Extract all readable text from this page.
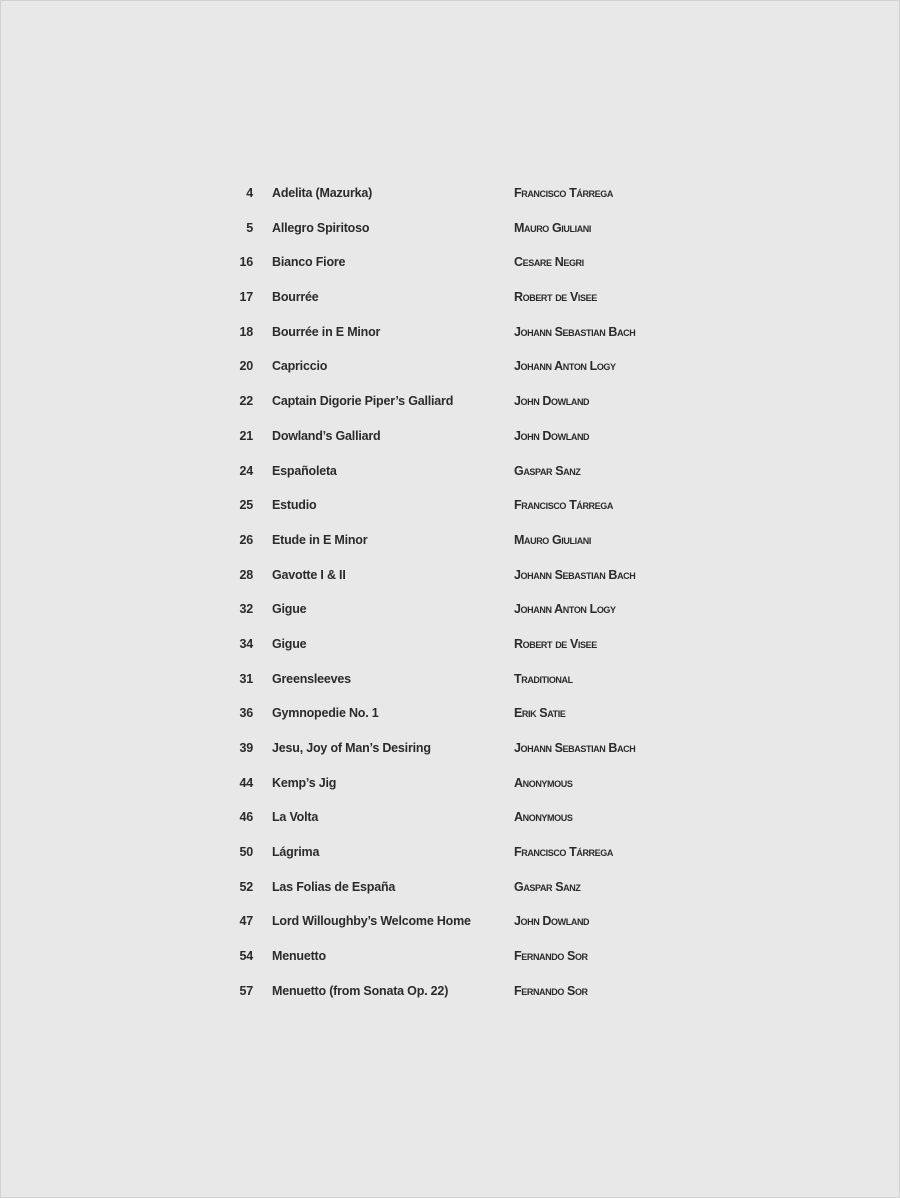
4 Adelita (Mazurka)	Francisco Tárrega
5 Allegro Spiritoso	Mauro Giuliani
16 Bianco Fiore	Cesare Negri
17 Bourrée	Robert de Visee
18 Bourrée in E Minor	Johann Sebastian Bach
20 Capriccio	Johann Anton Logy
22 Captain Digorie Piper’s Galliard	John Dowland
21 Dowland’s Galliard	John Dowland
24 Españoleta	Gaspar Sanz
25 Estudio	Francisco Tárrega
26 Etude in E Minor	Mauro Giuliani
28 Gavotte I & II	Johann Sebastian Bach
32 Gigue	Johann Anton Logy
34 Gigue	Robert de Visee
31 Greensleeves	Traditional
36 Gymnopedie No. 1	Erik Satie
39 Jesu, Joy of Man’s Desiring	Johann Sebastian Bach
44 Kemp’s Jig	Anonymous
46 La Volta	Anonymous
50 Lágrima	Francisco Tárrega
52 Las Folias de España	Gaspar Sanz
47 Lord Willoughby’s Welcome Home	John Dowland
54 Menuetto	Fernando Sor
57 Menuetto (from Sonata Op. 22)	Fernando Sor
